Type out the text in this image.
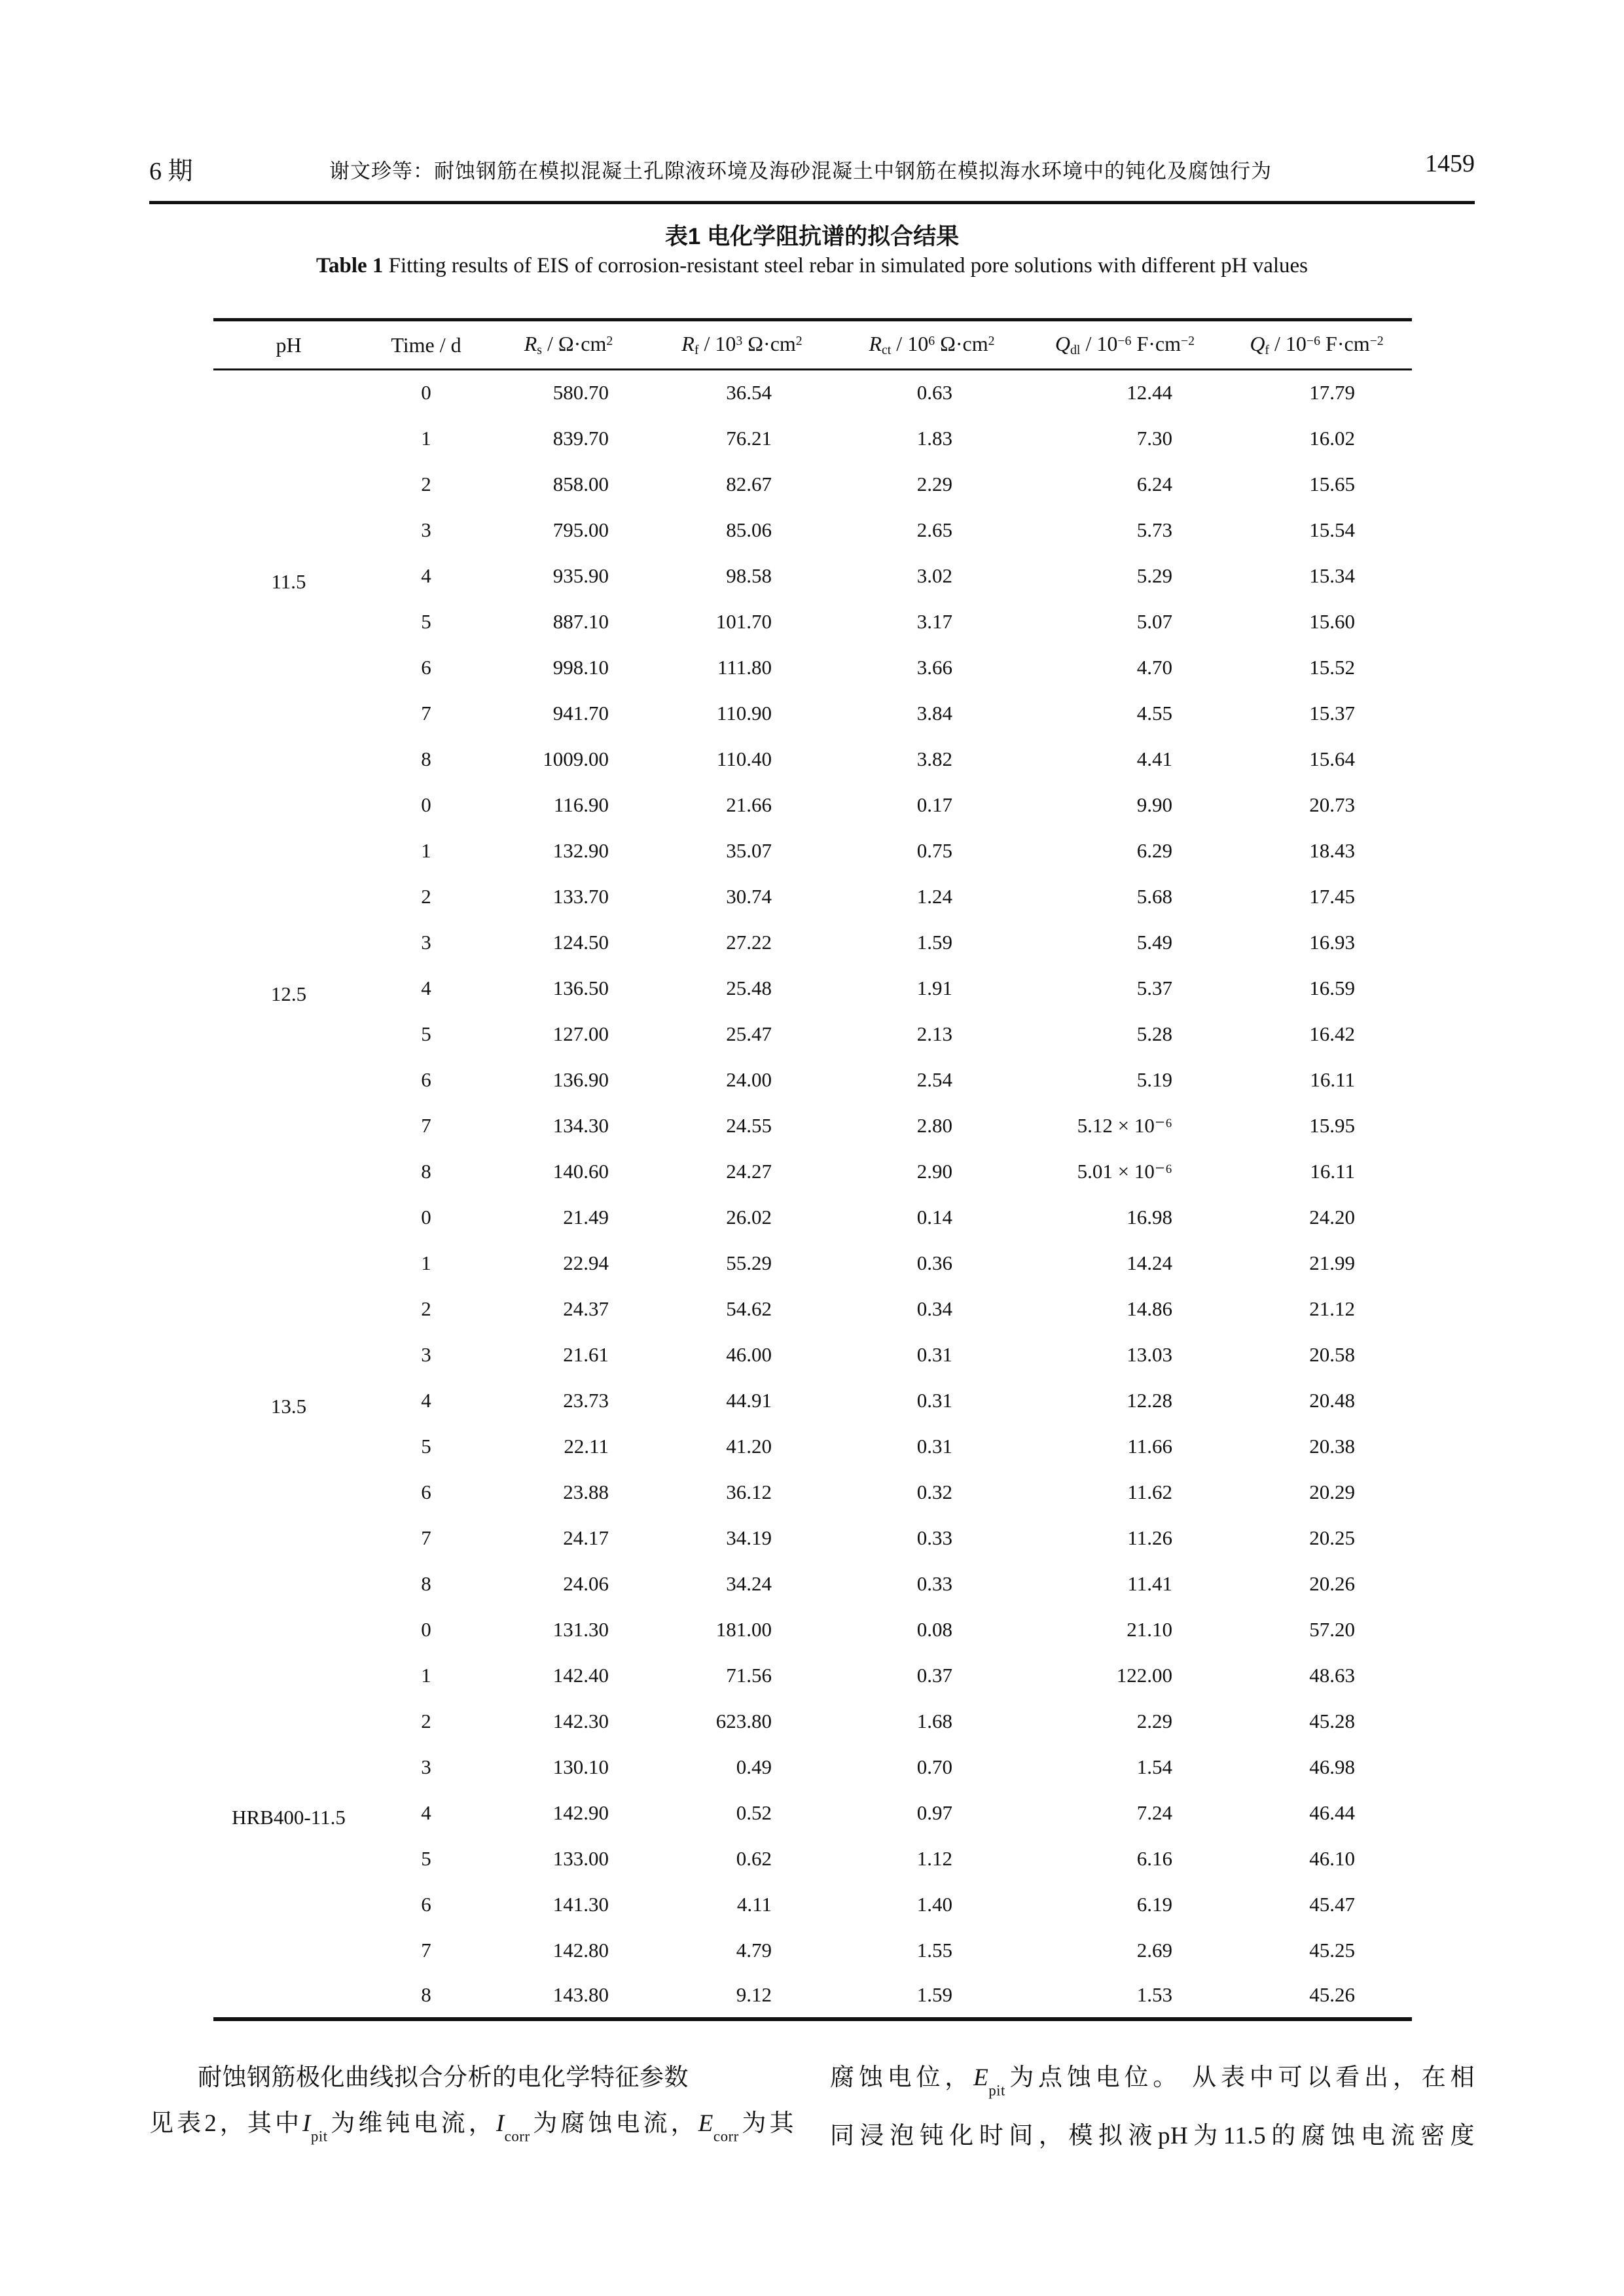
6 期	谢文珍等：耐蚀钢筋在模拟混凝土孔隙液环境及海砂混凝土中钢筋在模拟海水环境中的钝化及腐蚀行为	1459
表1 电化学阻抗谱的拟合结果
Table 1 Fitting results of EIS of corrosion-resistant steel rebar in simulated pore solutions with different pH values
pH	Time / d	$Rs / \Omega\cdot cm^2$	Rf / $10^3$ $\Omega\cdot cm^2$	Rct / $10^6$ $\Omega\cdot cm^2$	Qdl / $10^{-6}$ $F\cdot cm^{-2}$	Qf / $10^{-6}$ $F\cdot cm^{-2}$
11.5	0	580.70	36.54	0.63	12.44	17.79
	1	839.70	76.21	1.83	7.30	16.02
	2	858.00	82.67	2.29	6.24	15.65
	3	795.00	85.06	2.65	5.73	15.54
	4	935.90	98.58	3.02	5.29	15.34
	5	887.10	101.70	3.17	5.07	15.60
	6	998.10	111.80	3.66	4.70	15.52
	7	941.70	110.90	3.84	4.55	15.37
	8	1009.00	110.40	3.82	4.41	15.64
12.5	0	116.90	21.66	0.17	9.90	20.73
	1	132.90	35.07	0.75	6.29	18.43
	2	133.70	30.74	1.24	5.68	17.45
	3	124.50	27.22	1.59	5.49	16.93
	4	136.50	25.48	1.91	5.37	16.59
	5	127.00	25.47	2.13	5.28	16.42
	6	136.90	24.00	2.54	5.19	16.11
	7	134.30	24.55	2.80	5.12 × 10⁻⁶	15.95
	8	140.60	24.27	2.90	5.01 × 10⁻⁶	16.11
13.5	0	21.49	26.02	0.14	16.98	24.20
	1	22.94	55.29	0.36	14.24	21.99
	2	24.37	54.62	0.34	14.86	21.12
	3	21.61	46.00	0.31	13.03	20.58
	4	23.73	44.91	0.31	12.28	20.48
	5	22.11	41.20	0.31	11.66	20.38
	6	23.88	36.12	0.32	11.62	20.29
	7	24.17	34.19	0.33	11.26	20.25
	8	24.06	34.24	0.33	11.41	20.26
HRB400-11.5	0	131.30	181.00	0.08	21.10	57.20
	1	142.40	71.56	0.37	122.00	48.63
	2	142.30	623.80	1.68	2.29	45.28
	3	130.10	0.49	0.70	1.54	46.98
	4	142.90	0.52	0.97	7.24	46.44
	5	133.00	0.62	1.12	6.16	46.10
	6	141.30	4.11	1.40	6.19	45.47
	7	142.80	4.79	1.55	2.69	45.25
	8	143.80	9.12	1.59	1.53	45.26
耐蚀钢筋极化曲线拟合分析的电化学特征参数
见表2，其中$I_{pit}$为维钝电流，$I_{corr}$为腐蚀电流，$E_{corr}$为其
腐蚀电位，$E_{pit}$为点蚀电位。 从表中可以看出，在相
同浸泡钝化时间，模拟液pH为11.5的腐蚀电流密度
